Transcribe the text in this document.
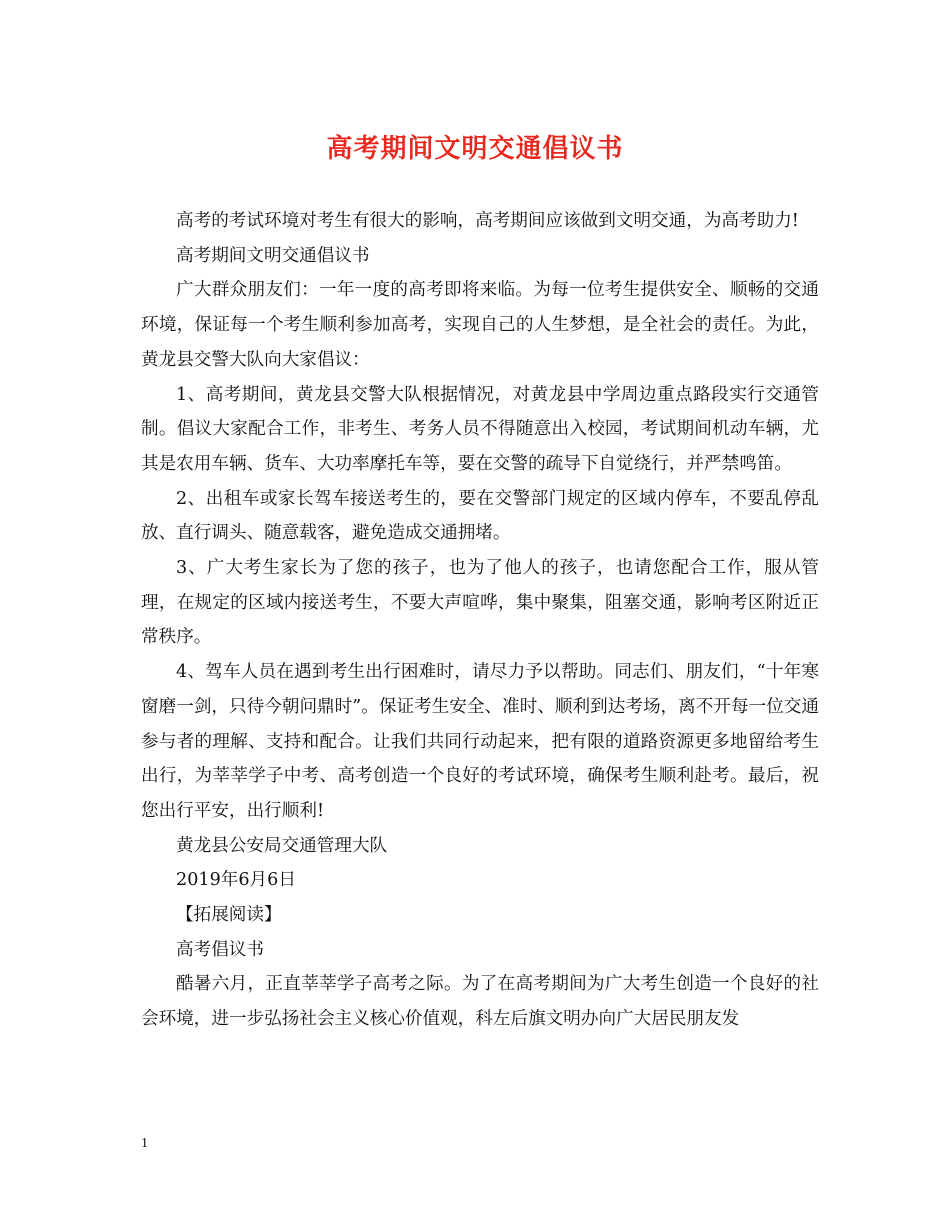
高考期间文明交通倡议书

高考的考试环境对考生有很大的影响，高考期间应该做到文明交通，为高考助力!

高考期间文明交通倡议书

广大群众朋友们：一年一度的高考即将来临。为每一位考生提供安全、顺畅的交通环境，保证每一个考生顺利参加高考，实现自己的人生梦想，是全社会的责任。为此，黄龙县交警大队向大家倡议：

1、高考期间，黄龙县交警大队根据情况，对黄龙县中学周边重点路段实行交通管制。倡议大家配合工作，非考生、考务人员不得随意出入校园，考试期间机动车辆，尤其是农用车辆、货车、大功率摩托车等，要在交警的疏导下自觉绕行，并严禁鸣笛。

2、出租车或家长驾车接送考生的，要在交警部门规定的区域内停车，不要乱停乱放、直行调头、随意载客，避免造成交通拥堵。

3、广大考生家长为了您的孩子，也为了他人的孩子，也请您配合工作，服从管理，在规定的区域内接送考生，不要大声喧哗，集中聚集，阻塞交通，影响考区附近正常秩序。

4、驾车人员在遇到考生出行困难时，请尽力予以帮助。同志们、朋友们，“十年寒窗磨一剑，只待今朝问鼎时”。保证考生安全、准时、顺利到达考场，离不开每一位交通参与者的理解、支持和配合。让我们共同行动起来，把有限的道路资源更多地留给考生出行，为莘莘学子中考、高考创造一个良好的考试环境，确保考生顺利赴考。最后，祝您出行平安，出行顺利!

黄龙县公安局交通管理大队

2019年6月6日

【拓展阅读】

高考倡议书

酷暑六月，正直莘莘学子高考之际。为了在高考期间为广大考生创造一个良好的社会环境，进一步弘扬社会主义核心价值观，科左后旗文明办向广大居民朋友发

1
